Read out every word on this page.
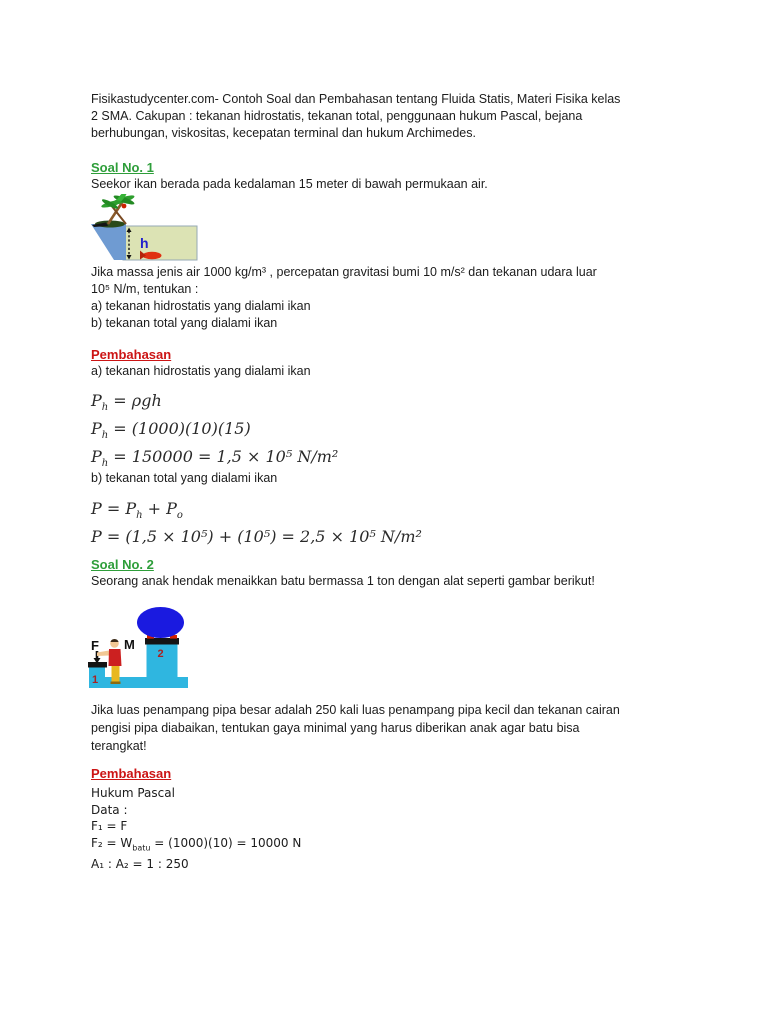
Fisikastudycenter.com- Contoh Soal dan Pembahasan tentang Fluida Statis, Materi Fisika kelas
2 SMA. Cakupan : tekanan hidrostatis, tekanan total, penggunaan hukum Pascal, bejana
berhubungan, viskositas, kecepatan terminal dan hukum Archimedes.
Soal No. 1
Seekor ikan berada pada kedalaman 15 meter di bawah permukaan air.
h
Jika massa jenis air 1000 kg/m³ , percepatan gravitasi bumi 10 m/s² dan tekanan udara luar
10⁵ N/m, tentukan :
a) tekanan hidrostatis yang dialami ikan
b) tekanan total yang dialami ikan
Pembahasan
a) tekanan hidrostatis yang dialami ikan
$P_h = \rho gh$
$P_h = (1000)(10)(15)$
$P_h = 150000 = 1,5 \times 10^5$ N/m²
b) tekanan total yang dialami ikan
$P = P_h + P_o$
P = (1,5 × 10⁵) + (10⁵) = 2,5 × 10⁵ N/m²
Soal No. 2
Seorang anak hendak menaikkan batu bermassa 1 ton dengan alat seperti gambar berikut!
1
2
F M
Jika luas penampang pipa besar adalah 250 kali luas penampang pipa kecil dan tekanan cairan
pengisi pipa diabaikan, tentukan gaya minimal yang harus diberikan anak agar batu bisa
terangkat!
Pembahasan
Hukum Pascal
Data :
F₁ = F
$F_2 = W_{batu} = (1000)(10) = 10000$ N
A₁ : A₂ = 1 : 250
